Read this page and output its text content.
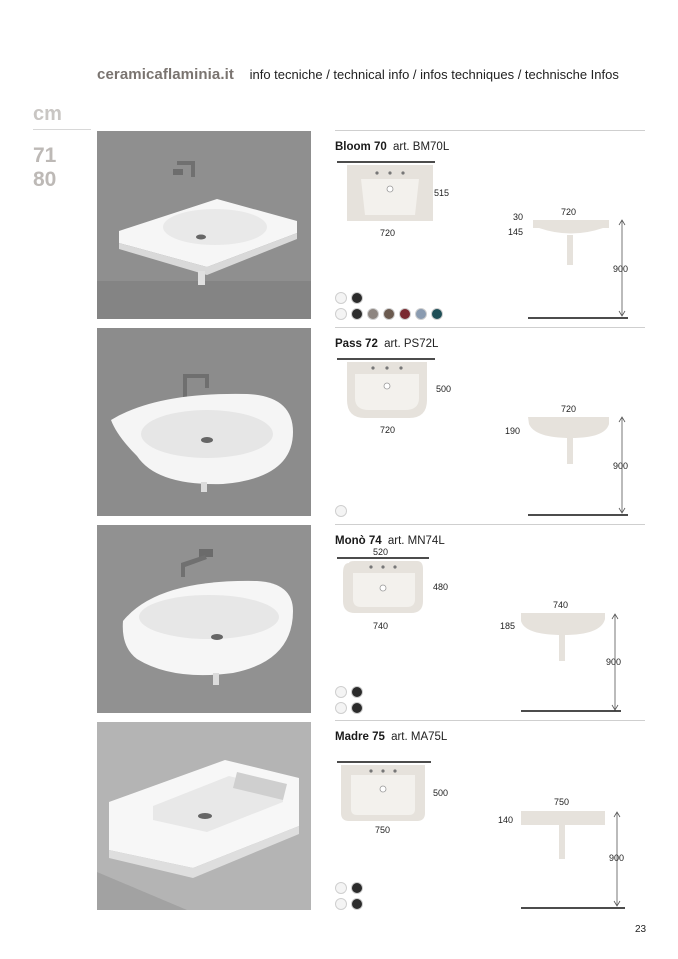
ceramicaflaminia.it info tecniche / technical info / infos techniques / technische Infos
cm
71
80
Bloom 70 art. BM70L
515
720
720
30
145
900
Pass 72 art. PS72L
500
720
720
190
900
Monò 74 art. MN74L
520
480
740
740
185
900
Madre 75 art. MA75L
500
750
750
140
900
23
